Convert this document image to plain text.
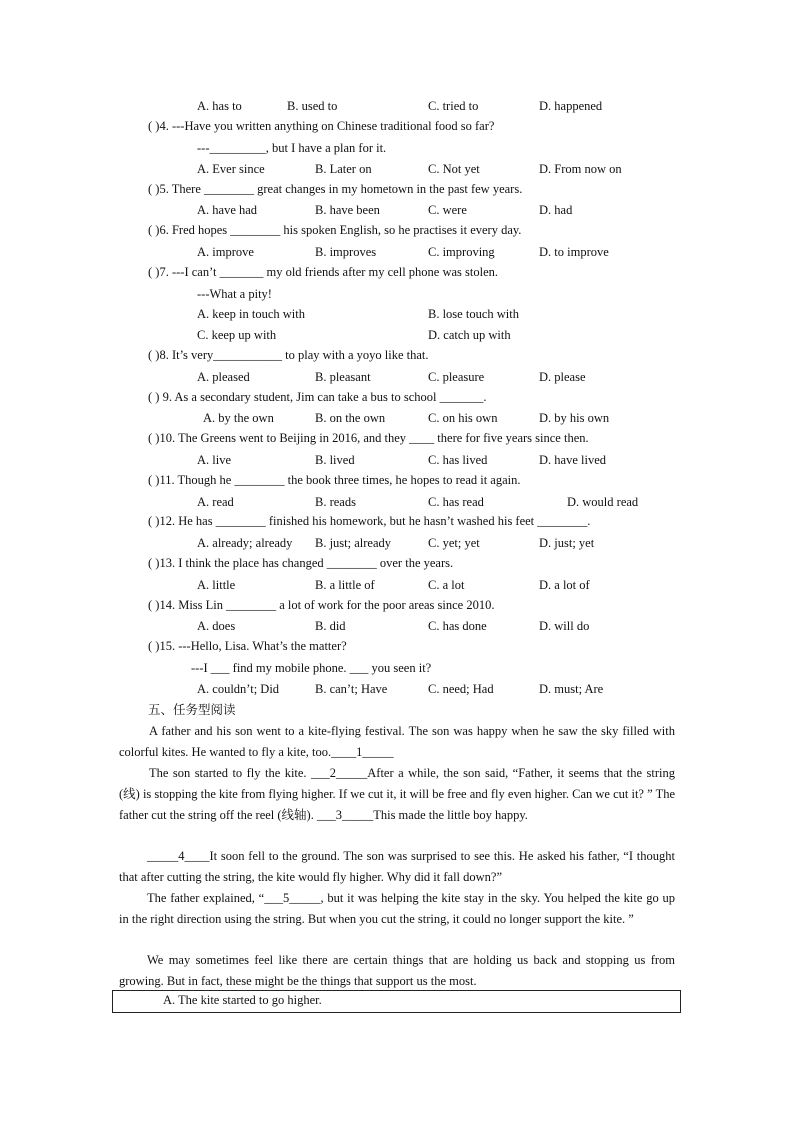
A. has to	B. used to	C. tried to	D. happened
( )4. ---Have you written anything on Chinese traditional food so far?
---_________, but I have a plan for it.
A. Ever since	B. Later on	C. Not yet	D. From now on
( )5. There ________ great changes in my hometown in the past few years.
A. have had	B. have been	C. were	D. had
( )6. Fred hopes ________ his spoken English, so he practises it every day.
A. improve	B. improves	C. improving	D. to improve
( )7. ---I can’t _______ my old friends after my cell phone was stolen.
---What a pity!
A. keep in touch with	B. lose touch with
C. keep up with	D. catch up with
( )8. It’s very___________ to play with a yoyo like that.
A. pleased	B. pleasant	C. pleasure	D. please
( ) 9. As a secondary student, Jim can take a bus to school _______.
A. by the own	B. on the own	C. on his own	D. by his own
( )10. The Greens went to Beijing in 2016, and they ____ there for five years since then.
A. live	B. lived	C. has lived	D. have lived
( )11. Though he ________ the book three times, he hopes to read it again.
A. read	B. reads	C. has read	D. would read
( )12. He has ________ finished his homework, but he hasn’t washed his feet ________.
A. already; already B. just; already	C. yet; yet	D. just; yet
( )13. I think the place has changed ________ over the years.
A. little	B. a little of	C. a lot	D. a lot of
( )14. Miss Lin ________ a lot of work for the poor areas since 2010.
A. does	B. did	C. has done	D. will do
( )15. ---Hello, Lisa. What’s the matter?
---I ___ find my mobile phone. ___ you seen it?
A. couldn’t; Did	B. can’t; Have	C. need; Had	D. must; Are
五、任务型阅读
A father and his son went to a kite-flying festival. The son was happy when he saw the sky filled with colorful kites. He wanted to fly a kite, too.____1_____
The son started to fly the kite. ___2_____After a while, the son said, “Father, it seems that the string (线) is stopping the kite from flying higher. If we cut it, it will be free and fly even higher. Can we cut it? ” The father cut the string off the reel (线轴). ___3_____This made the little boy happy.
_____4____It soon fell to the ground. The son was surprised to see this. He asked his father, “I thought that after cutting the string, the kite would fly higher. Why did it fall down?”
The father explained, “___5_____, but it was helping the kite stay in the sky. You helped the kite go up in the right direction using the string. But when you cut the string, it could no longer support the kite. ”
We may sometimes feel like there are certain things that are holding us back and stopping us from growing. But in fact, these might be the things that support us the most.
A. The kite started to go higher.
